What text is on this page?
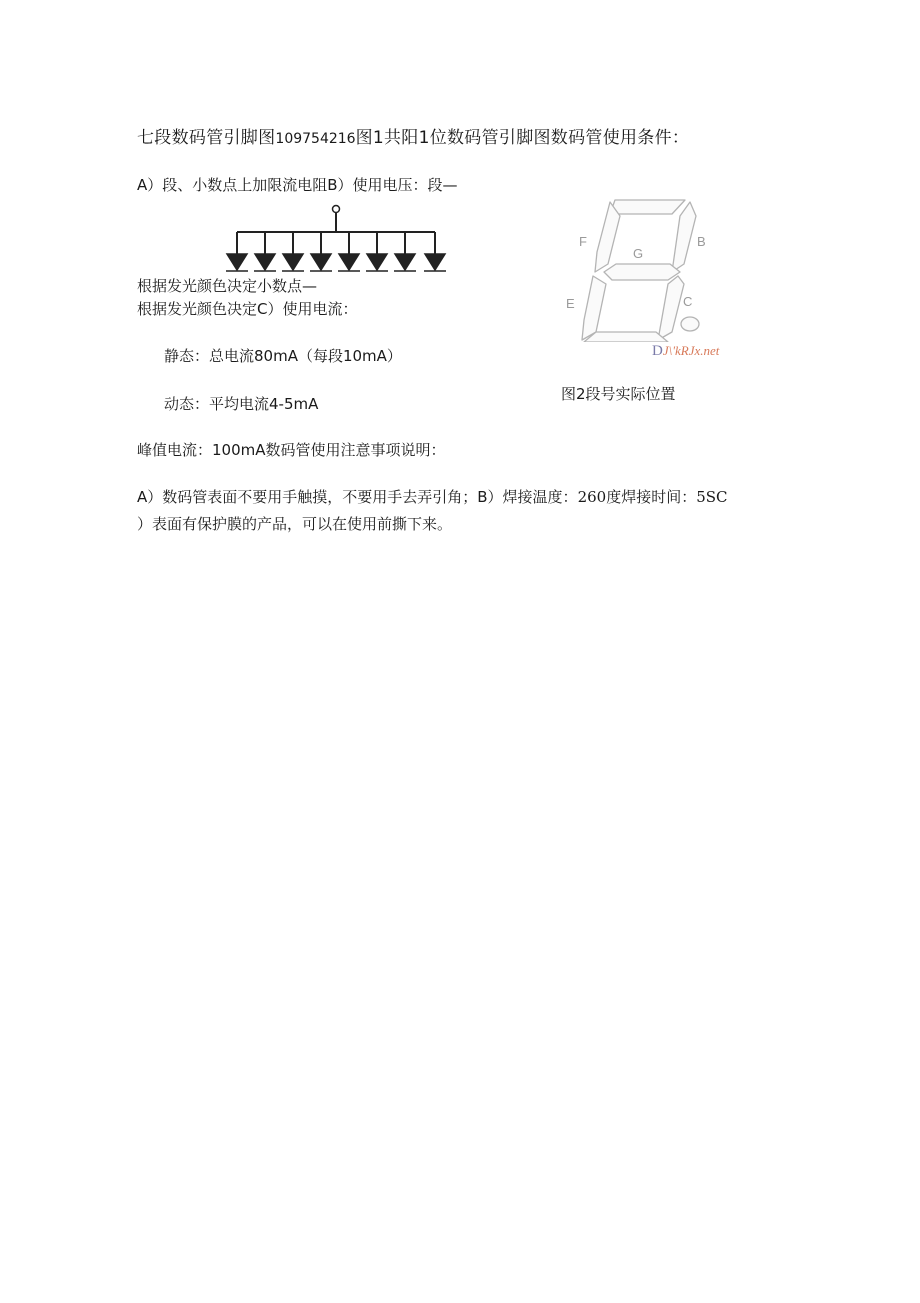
七段数码管引脚图109754216图1共阳1位数码管引脚图数码管使用条件：
A）段、小数点上加限流电阻B）使用电压：段—
根据发光颜色决定小数点—
根据发光颜色决定C）使用电流：
静态：总电流80mA（每段10mA）
动态：平均电流4-5mA
F	B
G
E	C
DJ\'kRJx.net
图2段号实际位置
峰值电流：100mA数码管使用注意事项说明：
A）数码管表面不要用手触摸，不要用手去弄引角；B）焊接温度：260度焊接时间：5SC
）表面有保护膜的产品，可以在使用前撕下来。
